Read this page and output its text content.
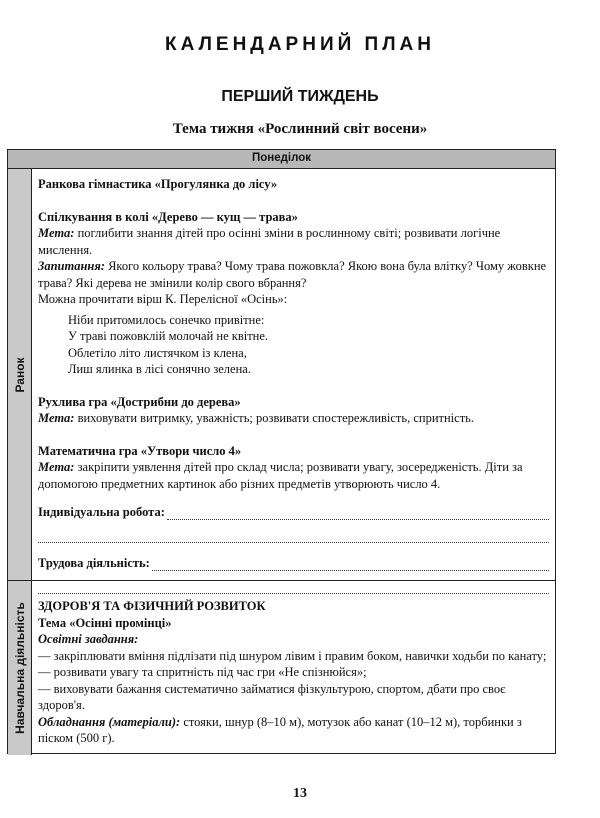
КАЛЕНДАРНИЙ ПЛАН
ПЕРШИЙ ТИЖДЕНЬ
Тема тижня «Рослинний світ восени»
Понеділок
Ранок
Навчальна діяльність

Ранкова гімнастика «Прогулянка до лісу»

Спілкування в колі «Дерево — кущ — трава»

Мета: поглибити знання дітей про осінні зміни в рослинному світі; розвивати логічне мислення.

Запитання: Якого кольору трава? Чому трава пожовкла? Якою вона була влітку? Чому жовкне трава? Які дерева не змінили колір свого вбрання?

Можна прочитати вірш К. Перелісної «Осінь»:

Ніби притомилось сонечко привітне:

У траві пожовклій молочай не квітне.

Облетіло літо листячком із клена,

Лиш ялинка в лісі сонячно зелена.

Рухлива гра «Дострибни до дерева»

Мета: виховувати витримку, уважність; розвивати спостережливість, спритність.

Математична гра «Утвори число 4»

Мета: закріпити уявлення дітей про склад числа; розвивати увагу, зосередженість. Діти за допомогою предметних картинок або різних предметів утворюють число 4.

Індивідуальна робота:
Трудова діяльність:

ЗДОРОВ'Я ТА ФІЗИЧНИЙ РОЗВИТОК

Тема «Осінні промінці»

Освітні завдання:

— закріплювати вміння підлізати під шнуром лівим і правим боком, навички ходьби по канату;

— розвивати увагу та спритність під час гри «Не спізнюйся»;

— виховувати бажання систематично займатися фізкультурою, спортом, дбати про своє здоров'я.

Обладнання (матеріали): стояки, шнур (8–10 м), мотузок або канат (10–12 м), торбинки з піском (500 г).

13
